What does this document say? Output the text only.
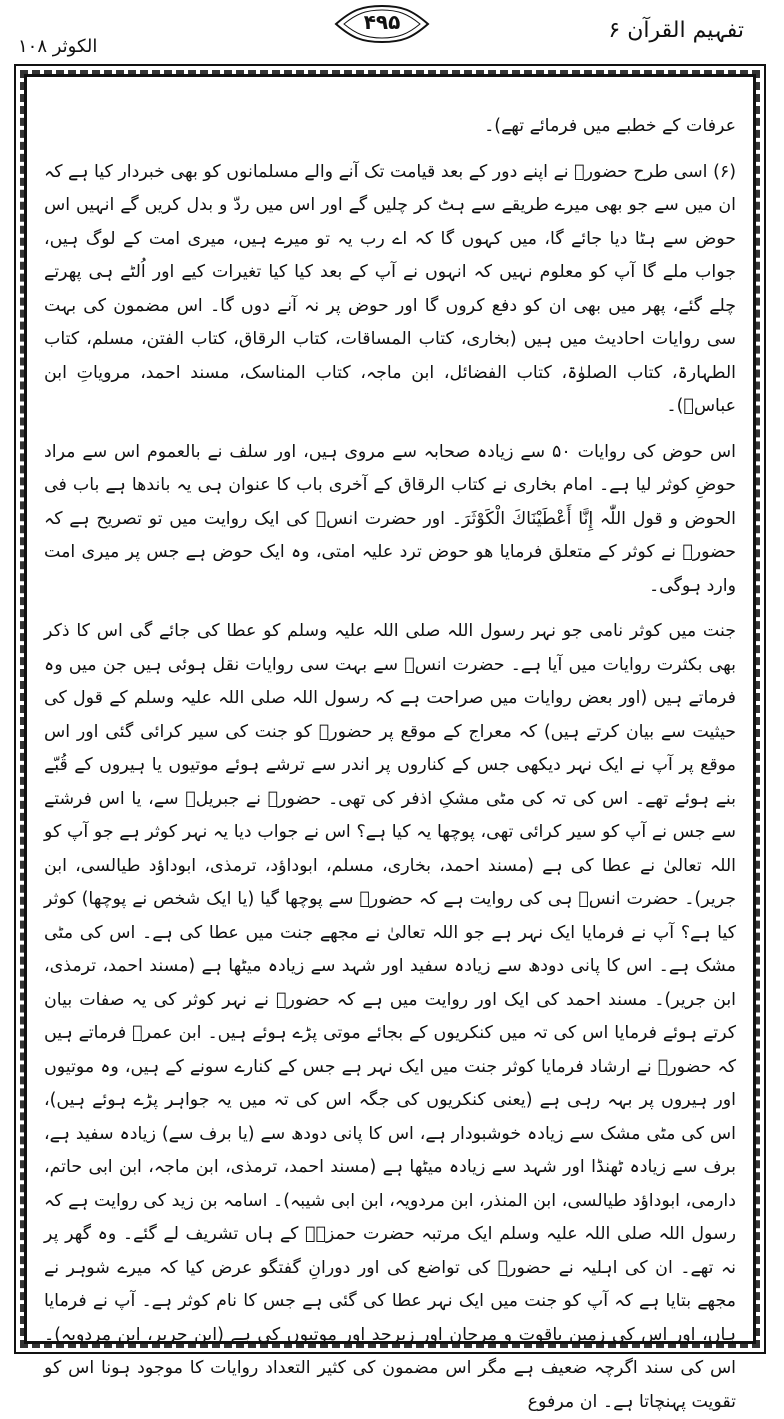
الکوثر ۱۰۸
۴۹۵	تفہیم القرآن ۶

عرفات کے خطبے میں فرمائے تھے)۔

(۶) اسی طرح حضورؐ نے اپنے دور کے بعد قیامت تک آنے والے مسلمانوں کو بھی خبردار کیا ہے کہ ان میں سے جو بھی میرے طریقے سے ہٹ کر چلیں گے اور اس میں ردّ و بدل کریں گے انہیں اس حوض سے ہٹا دیا جائے گا، میں کہوں گا کہ اے رب یہ تو میرے ہیں، میری امت کے لوگ ہیں، جواب ملے گا آپ کو معلوم نہیں کہ انہوں نے آپ کے بعد کیا کیا تغیرات کیے اور اُلٹے ہی پھرتے چلے گئے، پھر میں بھی ان کو دفع کروں گا اور حوض پر نہ آنے دوں گا۔ اس مضمون کی بہت سی روایات احادیث میں ہیں (بخاری، کتاب المساقات، کتاب الرقاق، کتاب الفتن، مسلم، کتاب الطہارۃ، کتاب الصلوٰۃ، کتاب الفضائل، ابن ماجہ، کتاب المناسک، مسند احمد، مرویاتِ ابن عباسؓ)۔

اس حوض کی روایات ۵۰ سے زیادہ صحابہ سے مروی ہیں، اور سلف نے بالعموم اس سے مراد حوضِ کوثر لیا ہے۔ امام بخاری نے کتاب الرقاق کے آخری باب کا عنوان ہی یہ باندھا ہے باب فی الحوض و قول اللّٰہ إِنَّا أَعْطَيْنَاكَ الْكَوْثَرَ۔ اور حضرت انسؓ کی ایک روایت میں تو تصریح ہے کہ حضورؐ نے کوثر کے متعلق فرمایا ھو حوض ترد علیہ امتی، وہ ایک حوض ہے جس پر میری امت وارد ہوگی۔

جنت میں کوثر نامی جو نہر رسول اللہ صلی اللہ علیہ وسلم کو عطا کی جائے گی اس کا ذکر بھی بکثرت روایات میں آیا ہے۔ حضرت انسؓ سے بہت سی روایات نقل ہوئی ہیں جن میں وہ فرماتے ہیں (اور بعض روایات میں صراحت ہے کہ رسول اللہ صلی اللہ علیہ وسلم کے قول کی حیثیت سے بیان کرتے ہیں) کہ معراج کے موقع پر حضورؐ کو جنت کی سیر کرائی گئی اور اس موقع پر آپ نے ایک نہر دیکھی جس کے کناروں پر اندر سے ترشے ہوئے موتیوں یا ہیروں کے قُبّے بنے ہوئے تھے۔ اس کی تہ کی مٹی مشکِ اذفر کی تھی۔ حضورؐ نے جبریلؑ سے، یا اس فرشتے سے جس نے آپ کو سیر کرائی تھی، پوچھا یہ کیا ہے؟ اس نے جواب دیا یہ نہر کوثر ہے جو آپ کو اللہ تعالیٰ نے عطا کی ہے (مسند احمد، بخاری، مسلم، ابوداؤد، ترمذی، ابوداؤد طیالسی، ابن جریر)۔ حضرت انسؓ ہی کی روایت ہے کہ حضورؐ سے پوچھا گیا (یا ایک شخص نے پوچھا) کوثر کیا ہے؟ آپ نے فرمایا ایک نہر ہے جو اللہ تعالیٰ نے مجھے جنت میں عطا کی ہے۔ اس کی مٹی مشک ہے۔ اس کا پانی دودھ سے زیادہ سفید اور شہد سے زیادہ میٹھا ہے (مسند احمد، ترمذی، ابن جریر)۔ مسند احمد کی ایک اور روایت میں ہے کہ حضورؐ نے نہر کوثر کی یہ صفات بیان کرتے ہوئے فرمایا اس کی تہ میں کنکریوں کے بجائے موتی پڑے ہوئے ہیں۔ ابن عمرؓ فرماتے ہیں کہ حضورؐ نے ارشاد فرمایا کوثر جنت میں ایک نہر ہے جس کے کنارے سونے کے ہیں، وہ موتیوں اور ہیروں پر بہہ رہی ہے (یعنی کنکریوں کی جگہ اس کی تہ میں یہ جواہر پڑے ہوئے ہیں)، اس کی مٹی مشک سے زیادہ خوشبودار ہے، اس کا پانی دودھ سے (یا برف سے) زیادہ سفید ہے، برف سے زیادہ ٹھنڈا اور شہد سے زیادہ میٹھا ہے (مسند احمد، ترمذی، ابن ماجہ، ابن ابی حاتم، دارمی، ابوداؤد طیالسی، ابن المنذر، ابن مردویہ، ابن ابی شیبہ)۔ اسامہ بن زید کی روایت ہے کہ رسول اللہ صلی اللہ علیہ وسلم ایک مرتبہ حضرت حمزہؓ کے ہاں تشریف لے گئے۔ وہ گھر پر نہ تھے۔ ان کی اہلیہ نے حضورؐ کی تواضع کی اور دورانِ گفتگو عرض کیا کہ میرے شوہر نے مجھے بتایا ہے کہ آپ کو جنت میں ایک نہر عطا کی گئی ہے جس کا نام کوثر ہے۔ آپ نے فرمایا ہاں، اور اس کی زمین یاقوت و مرجان اور زبرجد اور موتیوں کی ہے (ابن جریر، ابن مردویہ)۔ اس کی سند اگرچہ ضعیف ہے مگر اس مضمون کی کثیر التعداد روایات کا موجود ہونا اس کو تقویت پہنچاتا ہے۔ ان مرفوع
